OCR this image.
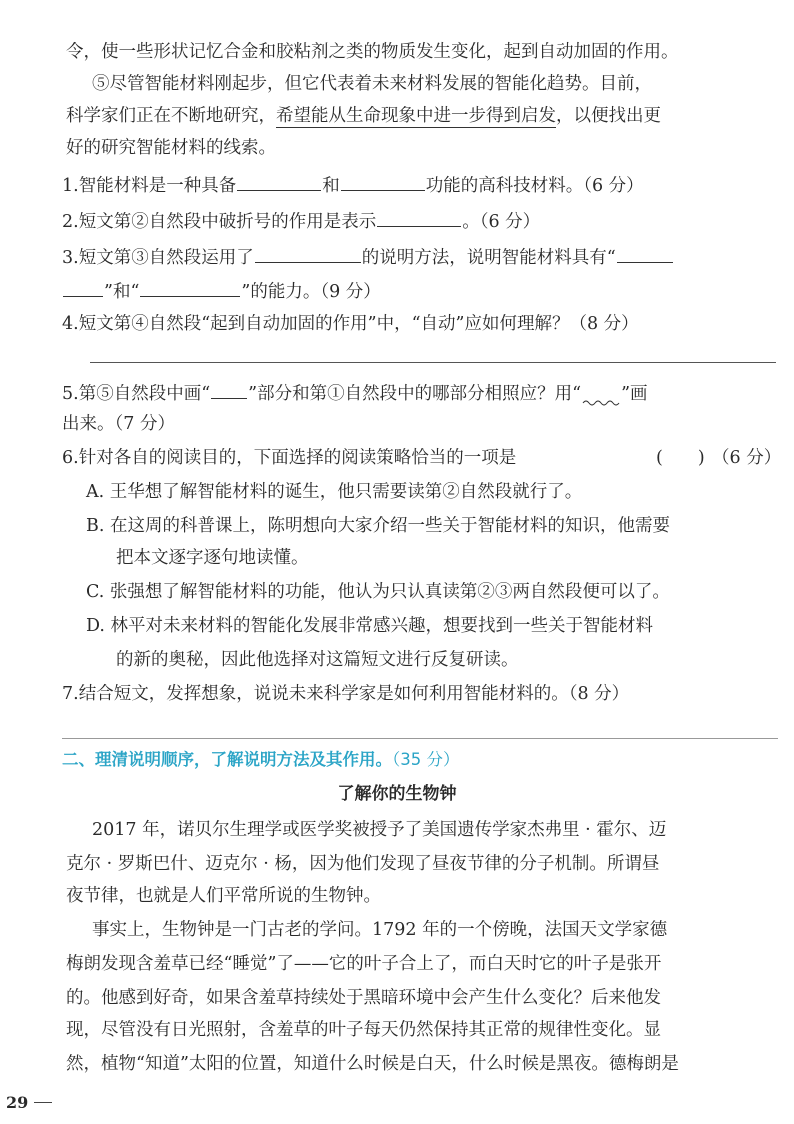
令，使一些形状记忆合金和胶粘剂之类的物质发生变化，起到自动加固的作用。
⑤尽管智能材料刚起步，但它代表着未来材料发展的智能化趋势。目前，
科学家们正在不断地研究，希望能从生命现象中进一步得到启发，以便找出更
好的研究智能材料的线索。
1.智能材料是一种具备	和	功能的高科技材料。（6 分）
2.短文第②自然段中破折号的作用是表示	。（6 分）
3.短文第③自然段运用了	的说明方法，说明智能材料具有“
”和“	”的能力。（9 分）
4.短文第④自然段“起到自动加固的作用”中，“自动”应如何理解？（8 分）
5.第⑤自然段中画“ ”部分和第①自然段中的哪部分相照应？用“ ”画
出来。（7 分）
6.针对各自的阅读目的，下面选择的阅读策略恰当的一项是	(　　) （6 分）
A. 王华想了解智能材料的诞生，他只需要读第②自然段就行了。
B. 在这周的科普课上，陈明想向大家介绍一些关于智能材料的知识，他需要
把本文逐字逐句地读懂。
C. 张强想了解智能材料的功能，他认为只认真读第②③两自然段便可以了。
D. 林平对未来材料的智能化发展非常感兴趣，想要找到一些关于智能材料
的新的奥秘，因此他选择对这篇短文进行反复研读。
7.结合短文，发挥想象，说说未来科学家是如何利用智能材料的。（8 分）
二、理清说明顺序，了解说明方法及其作用。（35 分）
了解你的生物钟
2017 年，诺贝尔生理学或医学奖被授予了美国遗传学家杰弗里 · 霍尔、迈
克尔 · 罗斯巴什、迈克尔 · 杨，因为他们发现了昼夜节律的分子机制。所谓昼
夜节律，也就是人们平常所说的生物钟。
事实上，生物钟是一门古老的学问。1792 年的一个傍晚，法国天文学家德
梅朗发现含羞草已经“睡觉”了——它的叶子合上了，而白天时它的叶子是张开
的。他感到好奇，如果含羞草持续处于黑暗环境中会产生什么变化？后来他发
现，尽管没有日光照射，含羞草的叶子每天仍然保持其正常的规律性变化。显
然，植物“知道”太阳的位置，知道什么时候是白天，什么时候是黑夜。德梅朗是
29
